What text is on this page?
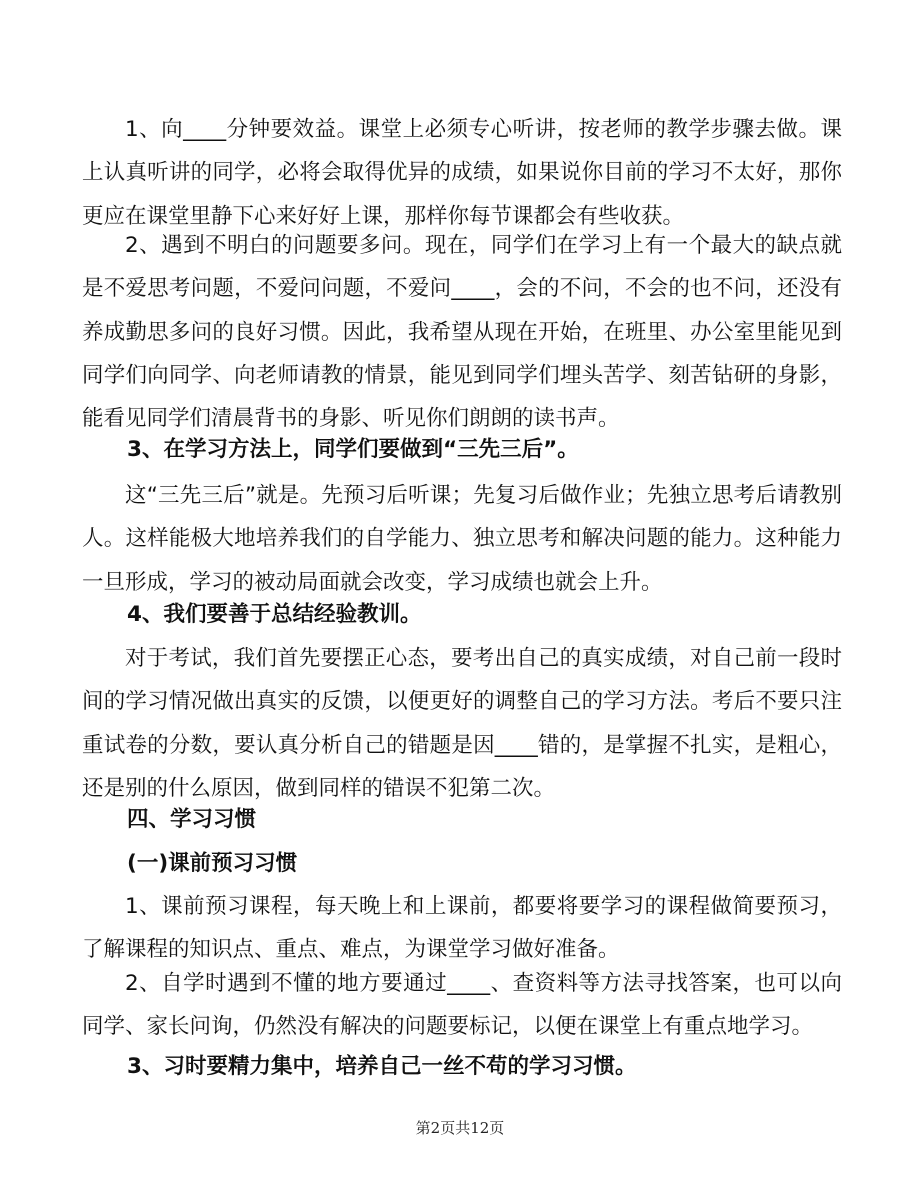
1、向____分钟要效益。课堂上必须专心听讲，按老师的教学步骤去做。课上认真听讲的同学，必将会取得优异的成绩，如果说你目前的学习不太好，那你更应在课堂里静下心来好好上课，那样你每节课都会有些收获。

2、遇到不明白的问题要多问。现在，同学们在学习上有一个最大的缺点就是不爱思考问题，不爱问问题，不爱问____，会的不问，不会的也不问，还没有养成勤思多问的良好习惯。因此，我希望从现在开始，在班里、办公室里能见到同学们向同学、向老师请教的情景，能见到同学们埋头苦学、刻苦钻研的身影，能看见同学们清晨背书的身影、听见你们朗朗的读书声。

3、在学习方法上，同学们要做到“三先三后”。

这“三先三后”就是。先预习后听课；先复习后做作业；先独立思考后请教别人。这样能极大地培养我们的自学能力、独立思考和解决问题的能力。这种能力一旦形成，学习的被动局面就会改变，学习成绩也就会上升。

4、我们要善于总结经验教训。

对于考试，我们首先要摆正心态，要考出自己的真实成绩，对自己前一段时间的学习情况做出真实的反馈，以便更好的调整自己的学习方法。考后不要只注重试卷的分数，要认真分析自己的错题是因____错的，是掌握不扎实，是粗心，还是别的什么原因，做到同样的错误不犯第二次。

四、学习习惯

(一)课前预习习惯

1、课前预习课程，每天晚上和上课前，都要将要学习的课程做简要预习，了解课程的知识点、重点、难点，为课堂学习做好准备。

2、自学时遇到不懂的地方要通过____、查资料等方法寻找答案，也可以向同学、家长问询，仍然没有解决的问题要标记，以便在课堂上有重点地学习。

3、习时要精力集中，培养自己一丝不苟的学习习惯。

第2页共12页
